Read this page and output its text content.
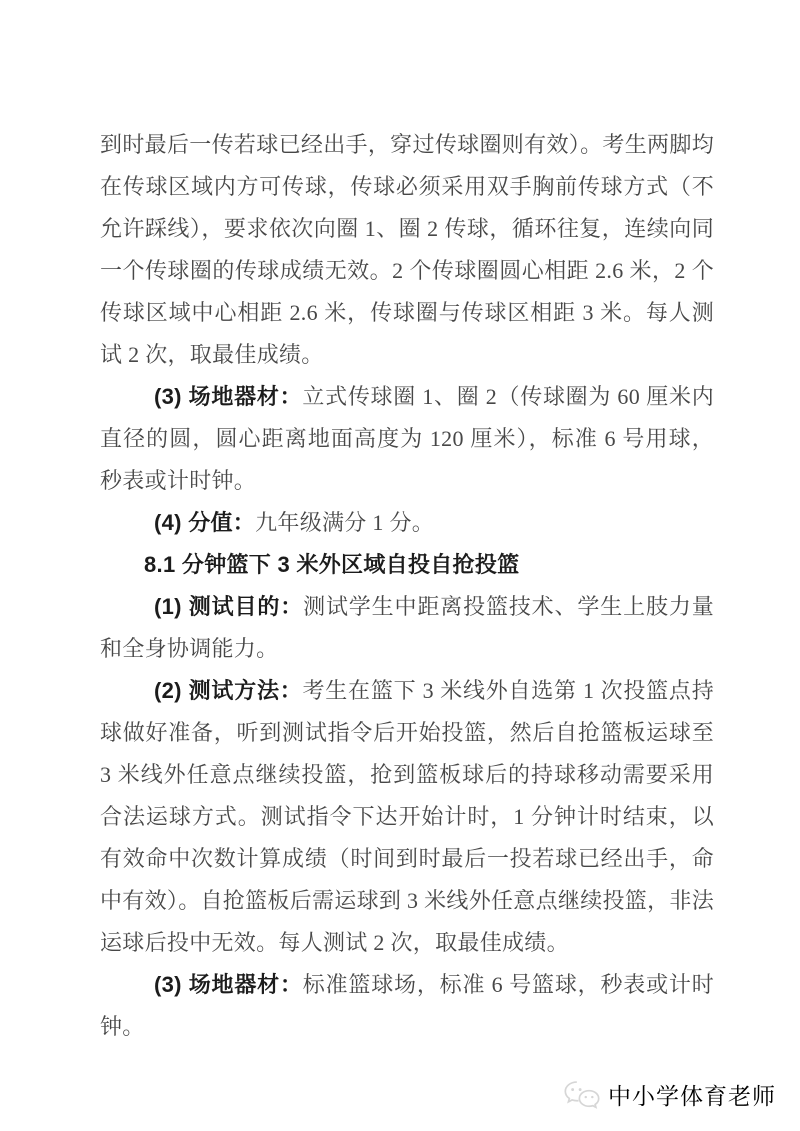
到时最后一传若球已经出手，穿过传球圈则有效）。考生两脚均在传球区域内方可传球，传球必须采用双手胸前传球方式（不允许踩线），要求依次向圈 1、圈 2 传球，循环往复，连续向同一个传球圈的传球成绩无效。2 个传球圈圆心相距 2.6 米，2 个传球区域中心相距 2.6 米，传球圈与传球区相距 3 米。每人测试 2 次，取最佳成绩。

(3) 场地器材：立式传球圈 1、圈 2（传球圈为 60 厘米内直径的圆，圆心距离地面高度为 120 厘米），标准 6 号用球，秒表或计时钟。

(4) 分值：九年级满分 1 分。

8.1 分钟篮下 3 米外区域自投自抢投篮

(1) 测试目的：测试学生中距离投篮技术、学生上肢力量和全身协调能力。

(2) 测试方法：考生在篮下 3 米线外自选第 1 次投篮点持球做好准备，听到测试指令后开始投篮，然后自抢篮板运球至 3 米线外任意点继续投篮，抢到篮板球后的持球移动需要采用合法运球方式。测试指令下达开始计时，1 分钟计时结束，以有效命中次数计算成绩（时间到时最后一投若球已经出手，命中有效）。自抢篮板后需运球到 3 米线外任意点继续投篮，非法运球后投中无效。每人测试 2 次，取最佳成绩。

(3) 场地器材：标准篮球场，标准 6 号篮球，秒表或计时钟。

中小学体育老师
